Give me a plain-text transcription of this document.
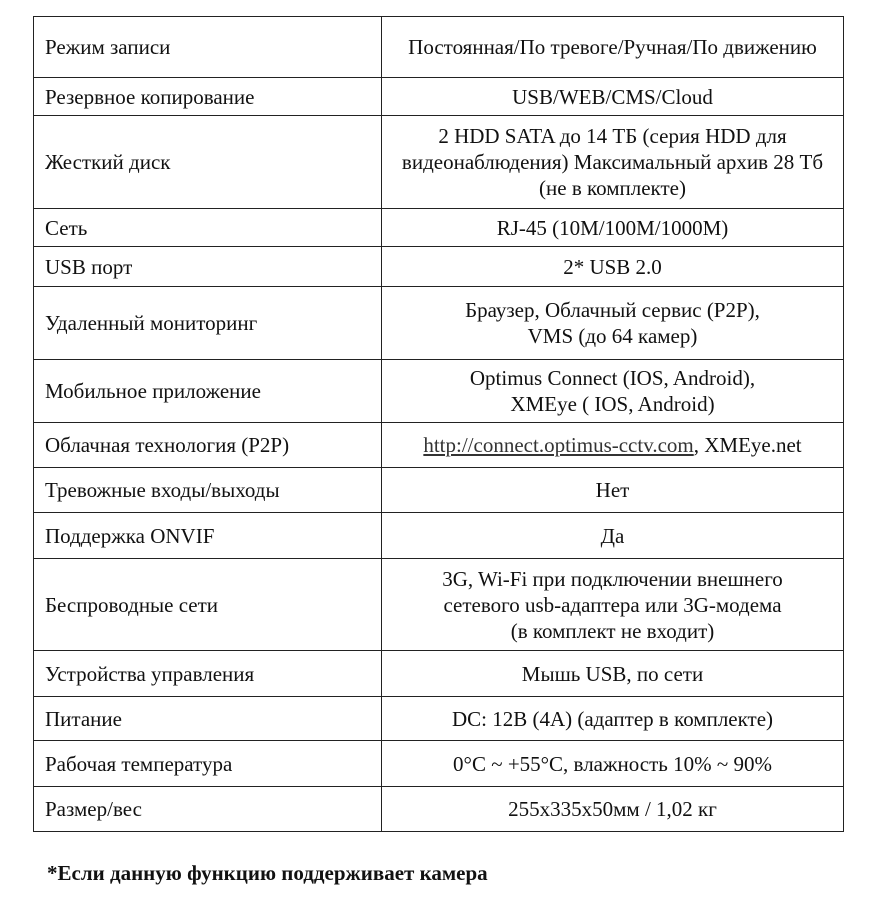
Режим записи	Постоянная/По тревоге/Ручная/По движению
Резервное копирование	USB/WEB/CMS/Cloud
Жесткий диск	2 HDD SATA до 14 ТБ (серия HDD для видеонаблюдения) Максимальный архив 28 Тб (не в комплекте)
Сеть	RJ-45 (10M/100M/1000M)
USB порт	2* USB 2.0
Удаленный мониторинг	Браузер, Облачный сервис (P2P),
VMS (до 64 камер)

Мобильное приложение	Optimus Connect (IOS, Android),
XMEye ( IOS, Android)

Облачная технология (P2P)	http://connect.optimus-cctv.com, XMEye.net
Тревожные входы/выходы	Нет
Поддержка ONVIF	Да
Беспроводные сети	3G, Wi-Fi при подключении внешнего
сетевого usb-адаптера или 3G-модема
(в комплект не входит)

Устройства управления	Мышь USB, по сети
Питание	DC: 12В (4А) (адаптер в комплекте)
Рабочая температура	0°С ~ +55°С, влажность 10% ~ 90%
Размер/вес	255x335x50мм / 1,02 кг
*Если данную функцию поддерживает камера
